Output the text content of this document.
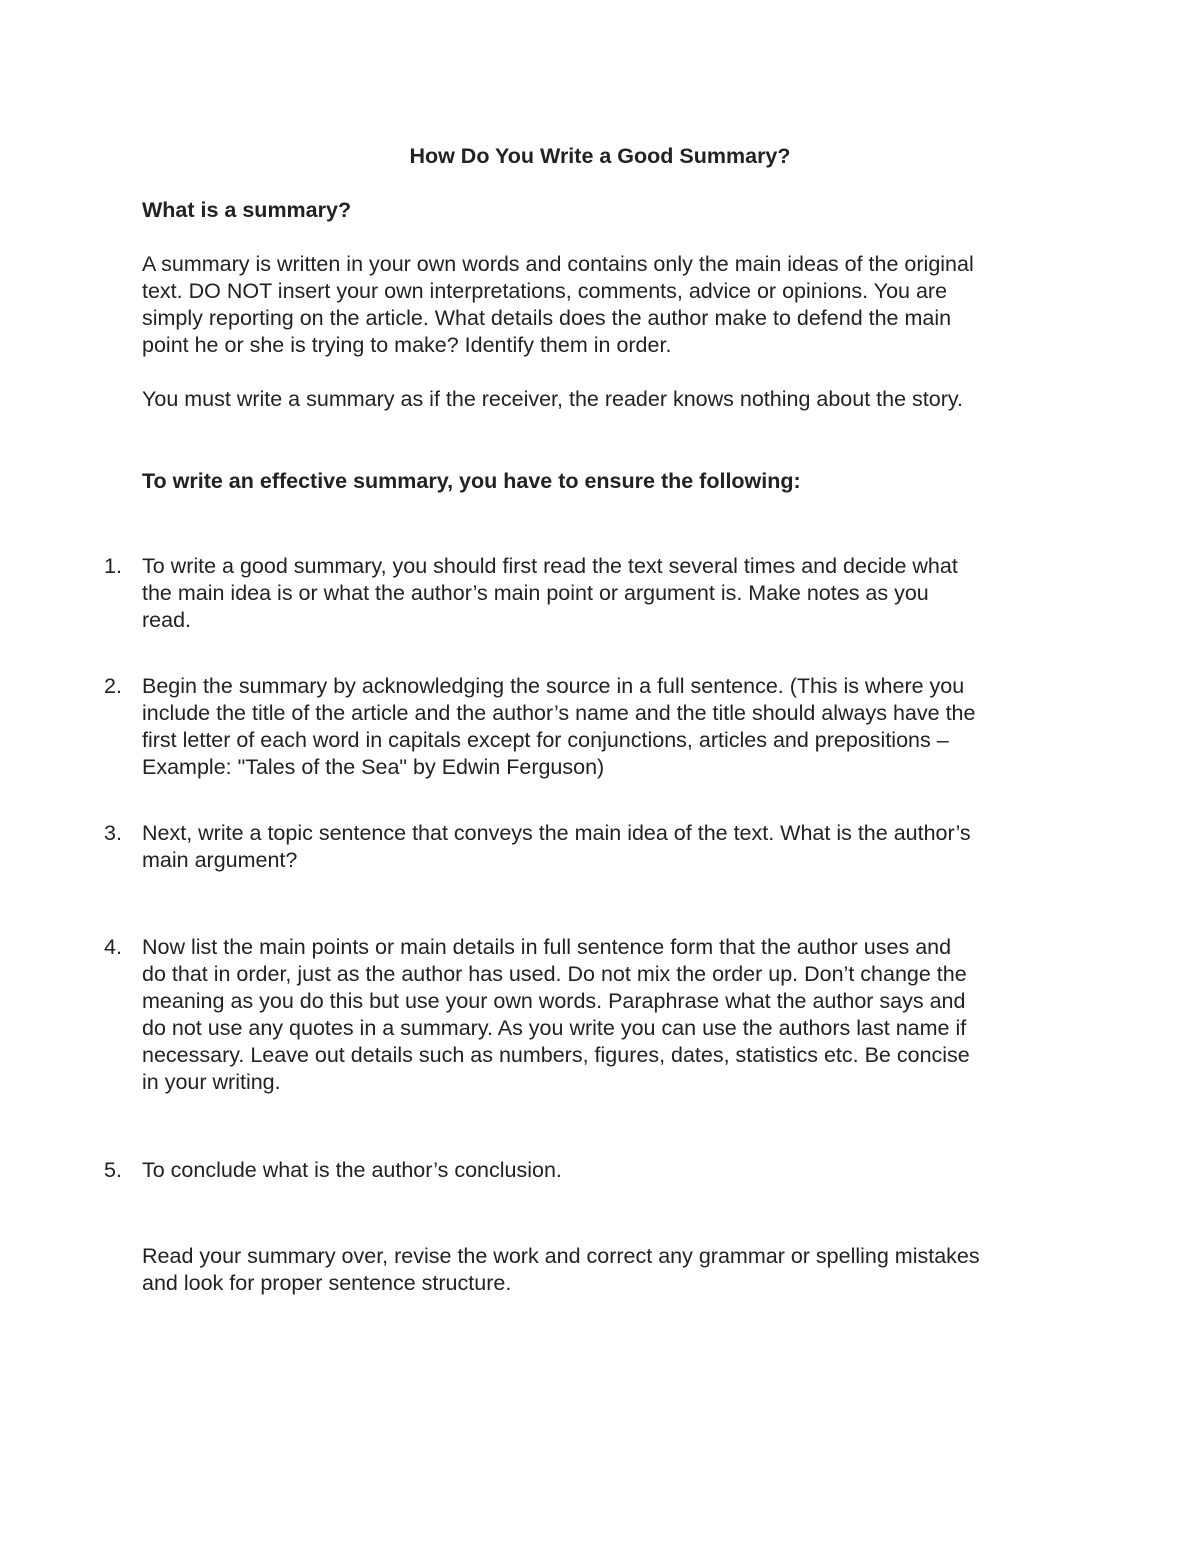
How Do You Write a Good Summary?
What is a summary?
A summary is written in your own words and contains only the main ideas of the original
text. DO NOT insert your own interpretations, comments, advice or opinions. You are
simply reporting on the article. What details does the author make to defend the main
point he or she is trying to make? Identify them in order.

You must write a summary as if the receiver, the reader knows nothing about the story.

To write an effective summary, you have to ensure the following:
1. To write a good summary, you should first read the text several times and decide what
the main idea is or what the author’s main point or argument is. Make notes as you
read.
2. Begin the summary by acknowledging the source in a full sentence. (This is where you
include the title of the article and the author’s name and the title should always have the
first letter of each word in capitals except for conjunctions, articles and prepositions –
Example: "Tales of the Sea" by Edwin Ferguson)
3. Next, write a topic sentence that conveys the main idea of the text. What is the author’s
main argument?
4. Now list the main points or main details in full sentence form that the author uses and
do that in order, just as the author has used. Do not mix the order up. Don’t change the
meaning as you do this but use your own words. Paraphrase what the author says and
do not use any quotes in a summary. As you write you can use the authors last name if
necessary. Leave out details such as numbers, figures, dates, statistics etc. Be concise
in your writing.
5. To conclude what is the author’s conclusion.
Read your summary over, revise the work and correct any grammar or spelling mistakes
and look for proper sentence structure.
